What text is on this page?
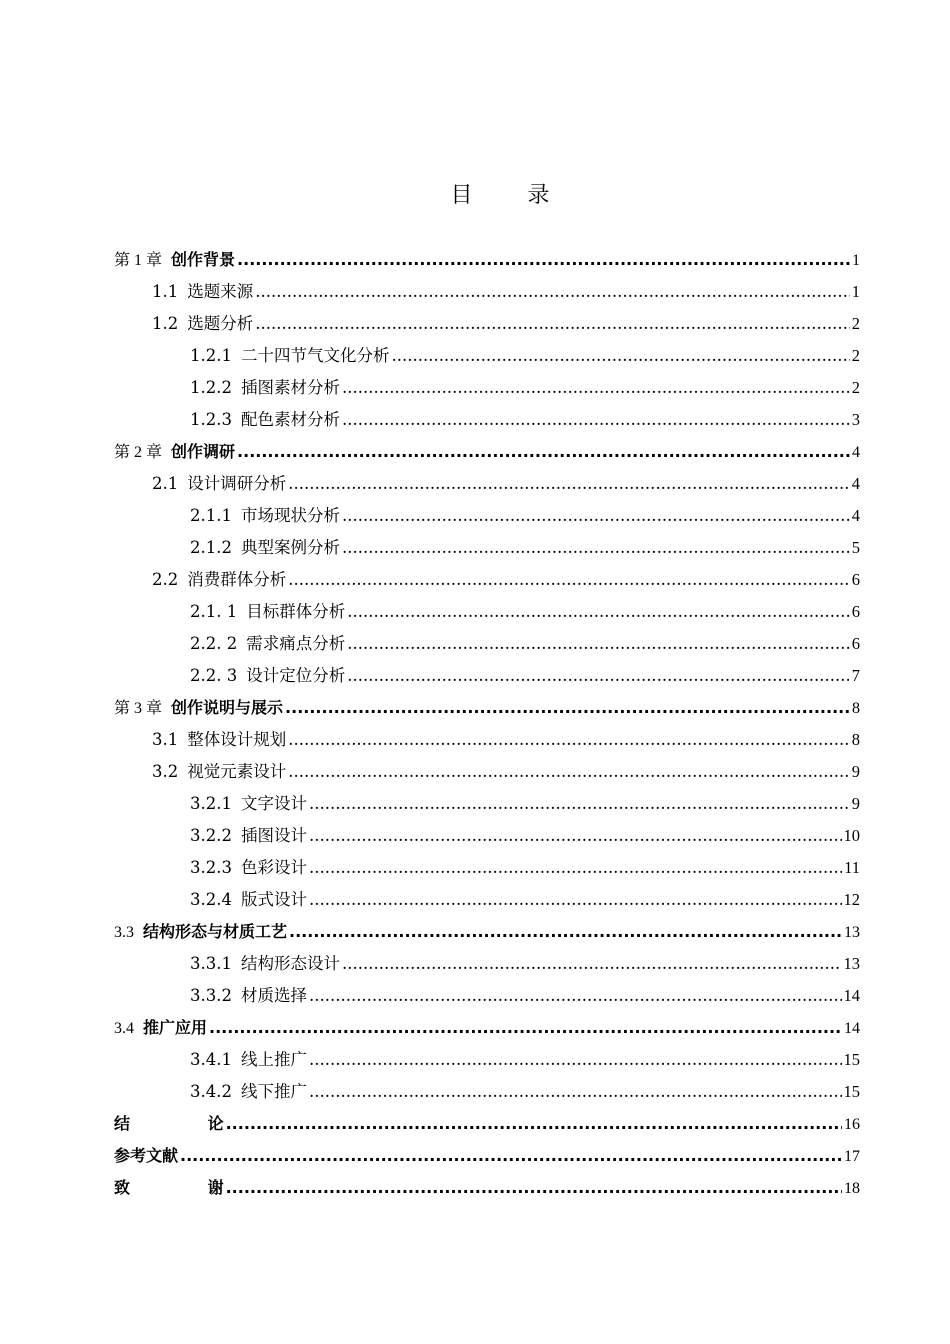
目 录
第 1 章 创作背景 .....	1
1.1 选题来源 .....	1
1.2 选题分析 .....	2
1.2.1 二十四节气文化分析 .....	2
1.2.2 插图素材分析 .....	2
1.2.3 配色素材分析 .....	3
第 2 章 创作调研 .....	4
2.1 设计调研分析 .....	4
2.1.1 市场现状分析 .....	4
2.1.2 典型案例分析 .....	5
2.2 消费群体分析 .....	6
2.1. 1 目标群体分析 .....	6
2.2. 2 需求痛点分析 .....	6
2.2. 3 设计定位分析 .....	7
第 3 章 创作说明与展示 .....	8
3.1 整体设计规划 .....	8
3.2 视觉元素设计 .....	9
3.2.1 文字设计 .....	9
3.2.2 插图设计 .....	10
3.2.3 色彩设计 .....	11
3.2.4 版式设计 .....	12
3.3 结构形态与材质工艺 .....	13
3.3.1 结构形态设计 .....	13
3.3.2 材质选择 .....	14
3.4 推广应用 .....	14
3.4.1 线上推广 .....	15
3.4.2 线下推广 .....	15
结 论 .....	16
参考文献 .....	17
致 谢 .....	18
